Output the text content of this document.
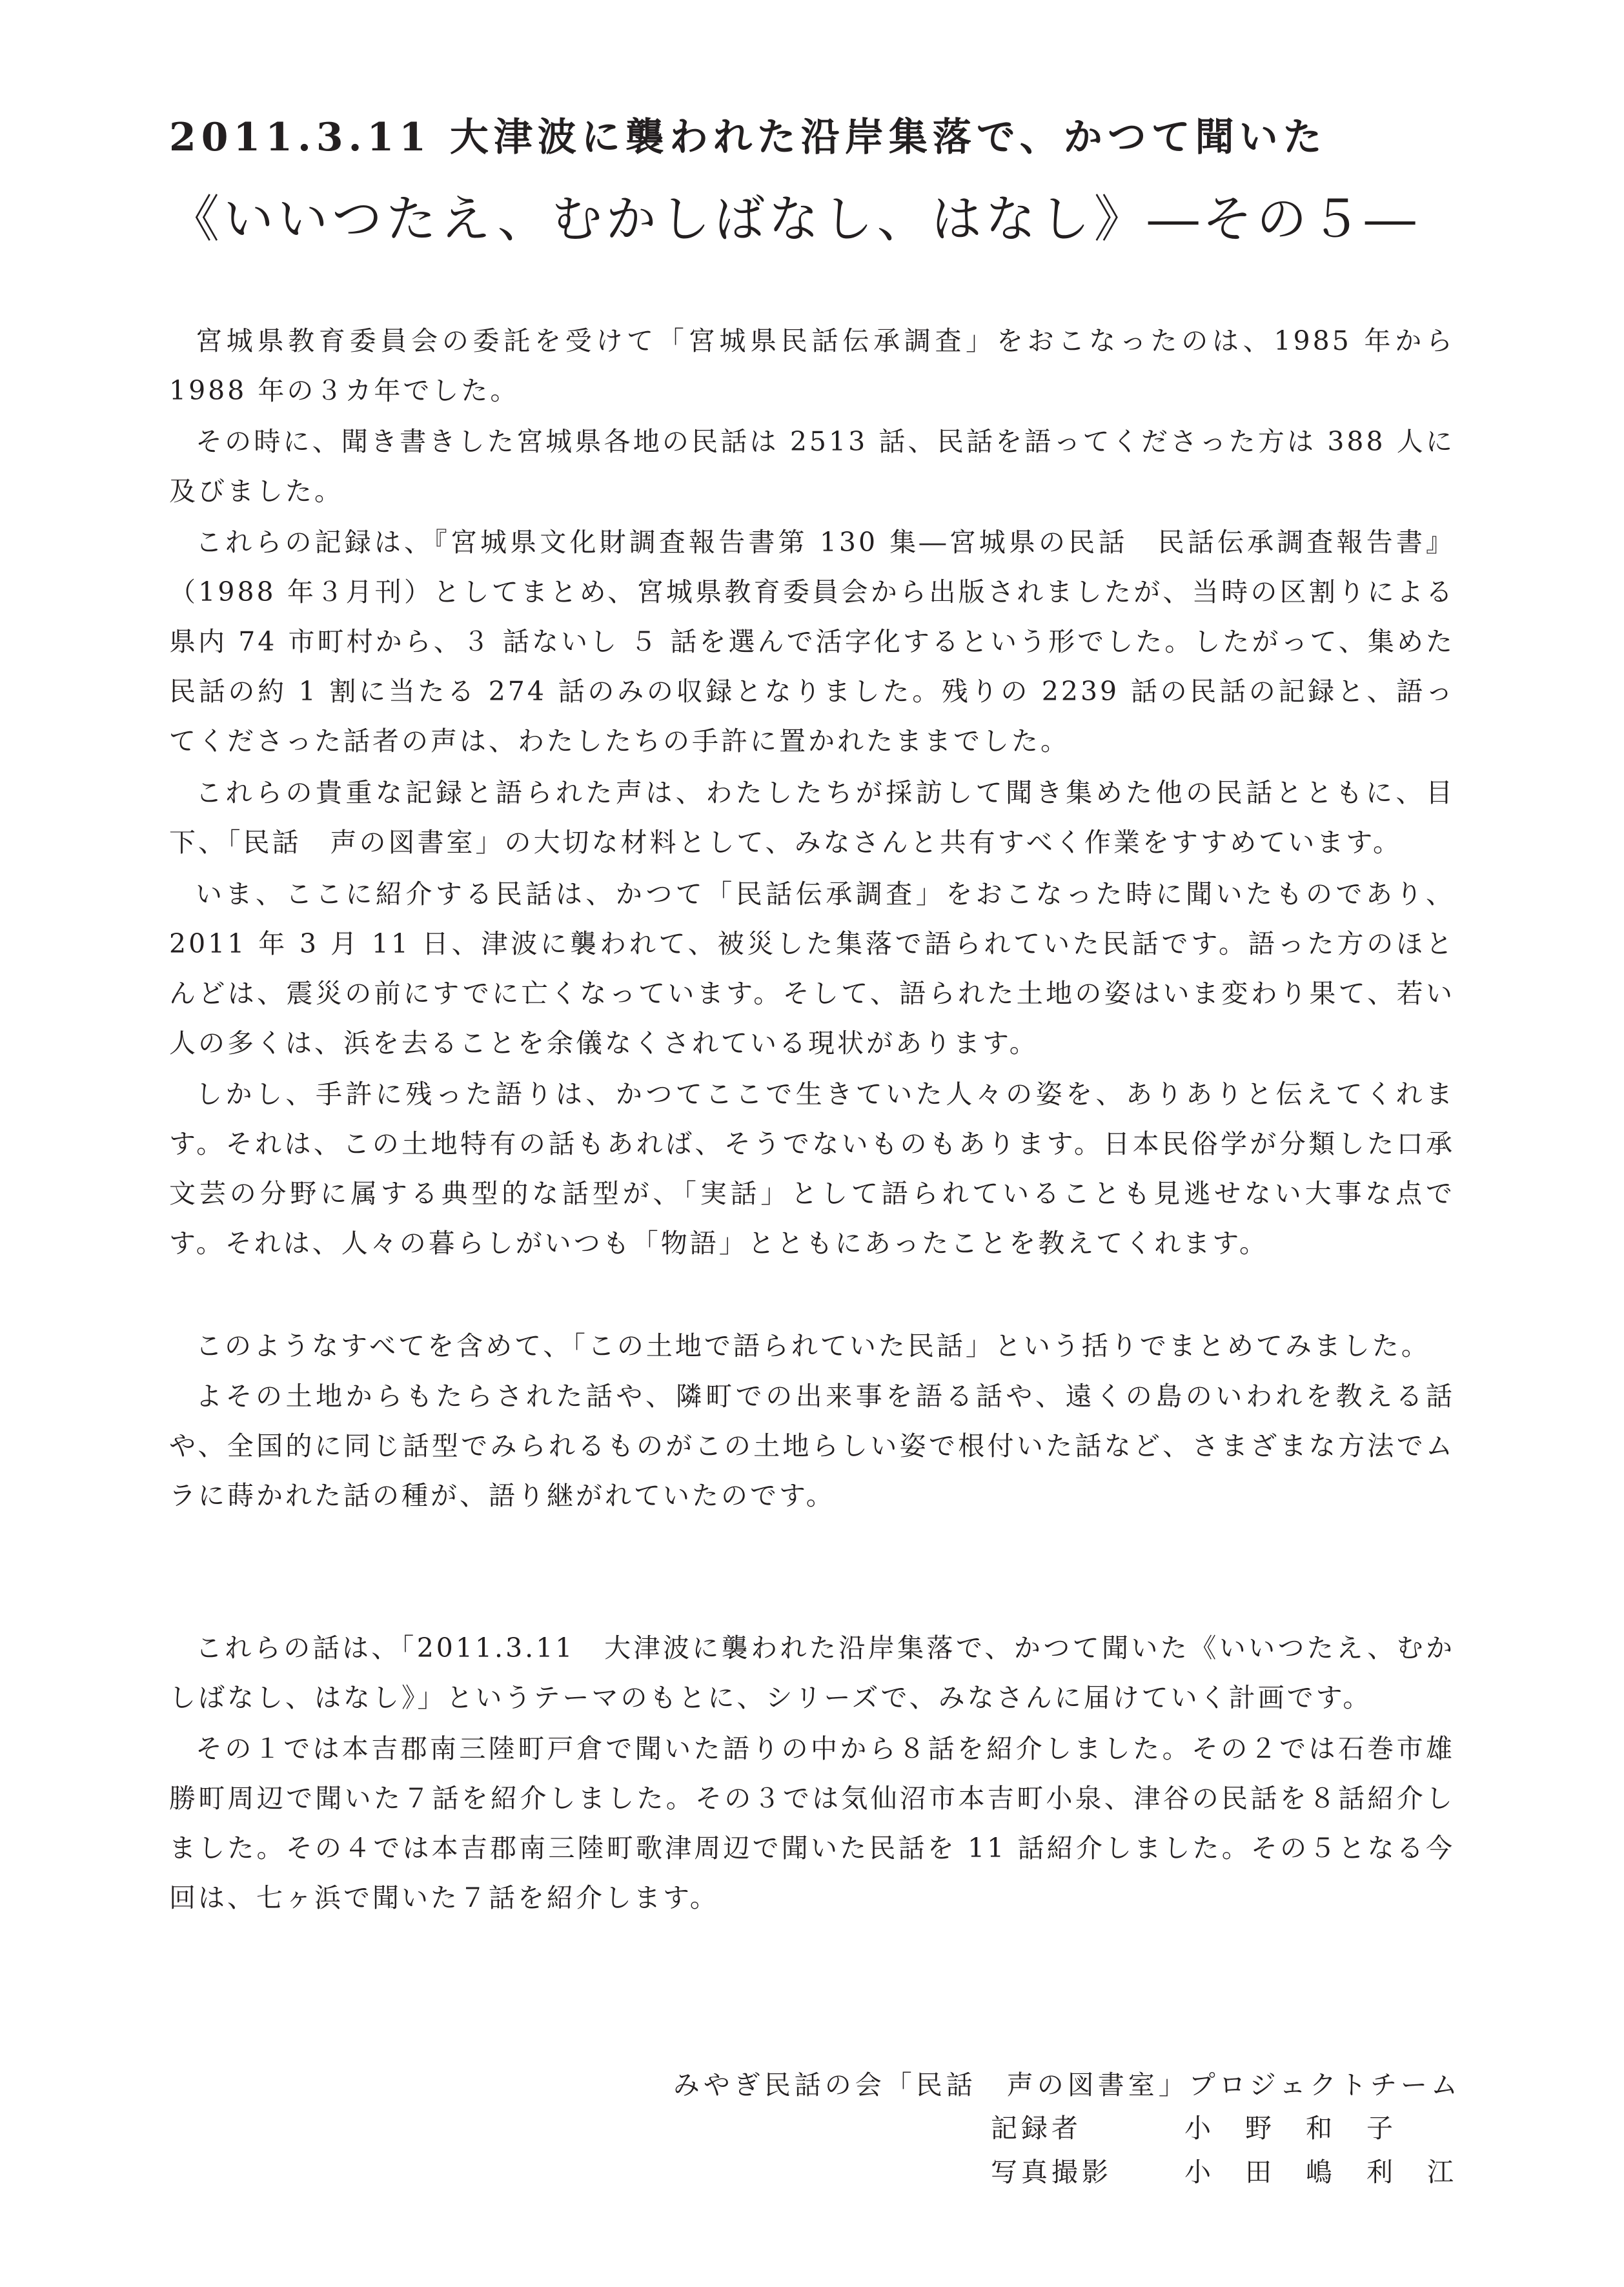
2011.3.11 大津波に襲われた沿岸集落で、かつて聞いた
《いいつたえ、むかしばなし、はなし》―その５―

宮城県教育委員会の委託を受けて「宮城県民話伝承調査」をおこなったのは、1985 年から 1988 年の３カ年でした。

その時に、聞き書きした宮城県各地の民話は 2513 話、民話を語ってくださった方は 388 人に及びました。

これらの記録は、『宮城県文化財調査報告書第 130 集―宮城県の民話　民話伝承調査報告書』（1988 年３月刊）としてまとめ、宮城県教育委員会から出版されましたが、当時の区割りによる県内 74 市町村から、３ 話ないし ５ 話を選んで活字化するという形でした。したがって、集めた民話の約 1 割に当たる 274 話のみの収録となりました。残りの 2239 話の民話の記録と、語ってくださった話者の声は、わたしたちの手許に置かれたままでした。

これらの貴重な記録と語られた声は、わたしたちが採訪して聞き集めた他の民話とともに、目下、「民話　声の図書室」の大切な材料として、みなさんと共有すべく作業をすすめています。

いま、ここに紹介する民話は、かつて「民話伝承調査」をおこなった時に聞いたものであり、2011 年 3 月 11 日、津波に襲われて、被災した集落で語られていた民話です。語った方のほとんどは、震災の前にすでに亡くなっています。そして、語られた土地の姿はいま変わり果て、若い人の多くは、浜を去ることを余儀なくされている現状があります。

しかし、手許に残った語りは、かつてここで生きていた人々の姿を、ありありと伝えてくれます。それは、この土地特有の話もあれば、そうでないものもあります。日本民俗学が分類した口承文芸の分野に属する典型的な話型が、「実話」として語られていることも見逃せない大事な点です。それは、人々の暮らしがいつも「物語」とともにあったことを教えてくれます。

このようなすべてを含めて、「この土地で語られていた民話」という括りでまとめてみました。

よその土地からもたらされた話や、隣町での出来事を語る話や、遠くの島のいわれを教える話や、全国的に同じ話型でみられるものがこの土地らしい姿で根付いた話など、さまざまな方法でムラに蒔かれた話の種が、語り継がれていたのです。

これらの話は、「2011.3.11　大津波に襲われた沿岸集落で、かつて聞いた《いいつたえ、むかしばなし、はなし》」というテーマのもとに、シリーズで、みなさんに届けていく計画です。

その１では本吉郡南三陸町戸倉で聞いた語りの中から８話を紹介しました。その２では石巻市雄勝町周辺で聞いた７話を紹介しました。その３では気仙沼市本吉町小泉、津谷の民話を８話紹介しました。その４では本吉郡南三陸町歌津周辺で聞いた民話を 11 話紹介しました。その５となる今回は、七ヶ浜で聞いた７話を紹介します。

みやぎ民話の会「民話　声の図書室」プロジェクトチーム
記録者	小　野　和　子
写真撮影	小　田　嶋　利　江
